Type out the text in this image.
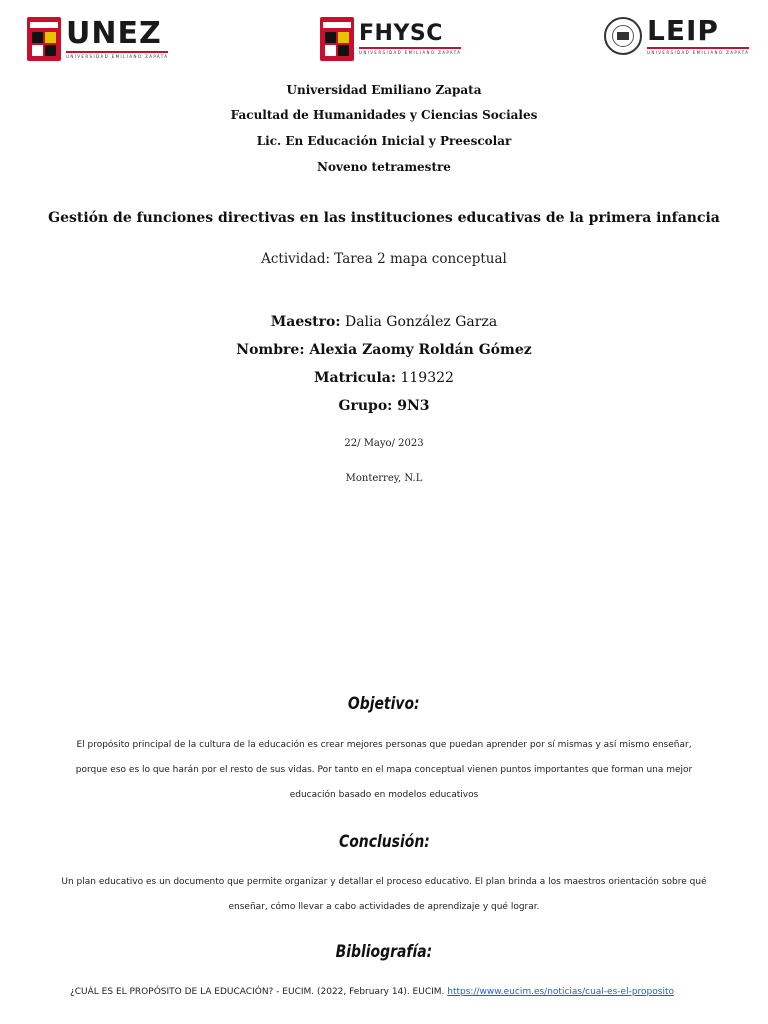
UNEZ
UNIVERSIDAD EMILIANO ZAPATA
FHYSC
UNIVERSIDAD EMILIANO ZAPATA
LEIP
UNIVERSIDAD EMILIANO ZAPATA
Universidad Emiliano Zapata
Facultad de Humanidades y Ciencias Sociales
Lic. En Educación Inicial y Preescolar
Noveno tetramestre
Gestión de funciones directivas en las instituciones educativas de la primera infancia
Actividad: Tarea 2 mapa conceptual
Maestro: Dalia González Garza
Nombre: Alexia Zaomy Roldán Gómez
Matricula: 119322
Grupo: 9N3
22/ Mayo/ 2023
Monterrey, N.L
Objetivo:
El propósito principal de la cultura de la educación es crear mejores personas que puedan aprender por sí mismas y así mismo enseñar, porque eso es lo que harán por el resto de sus vidas. Por tanto en el mapa conceptual vienen puntos importantes que forman una mejor educación basado en modelos educativos
Conclusión:
Un plan educativo es un documento que permite organizar y detallar el proceso educativo. El plan brinda a los maestros orientación sobre qué enseñar, cómo llevar a cabo actividades de aprendizaje y qué lograr.
Bibliografía:
¿CUÁL ES EL PROPÓSITO DE LA EDUCACIÓN? - EUCIM. (2022, February 14). EUCIM. https://www.eucim.es/noticias/cual-es-el-proposito
